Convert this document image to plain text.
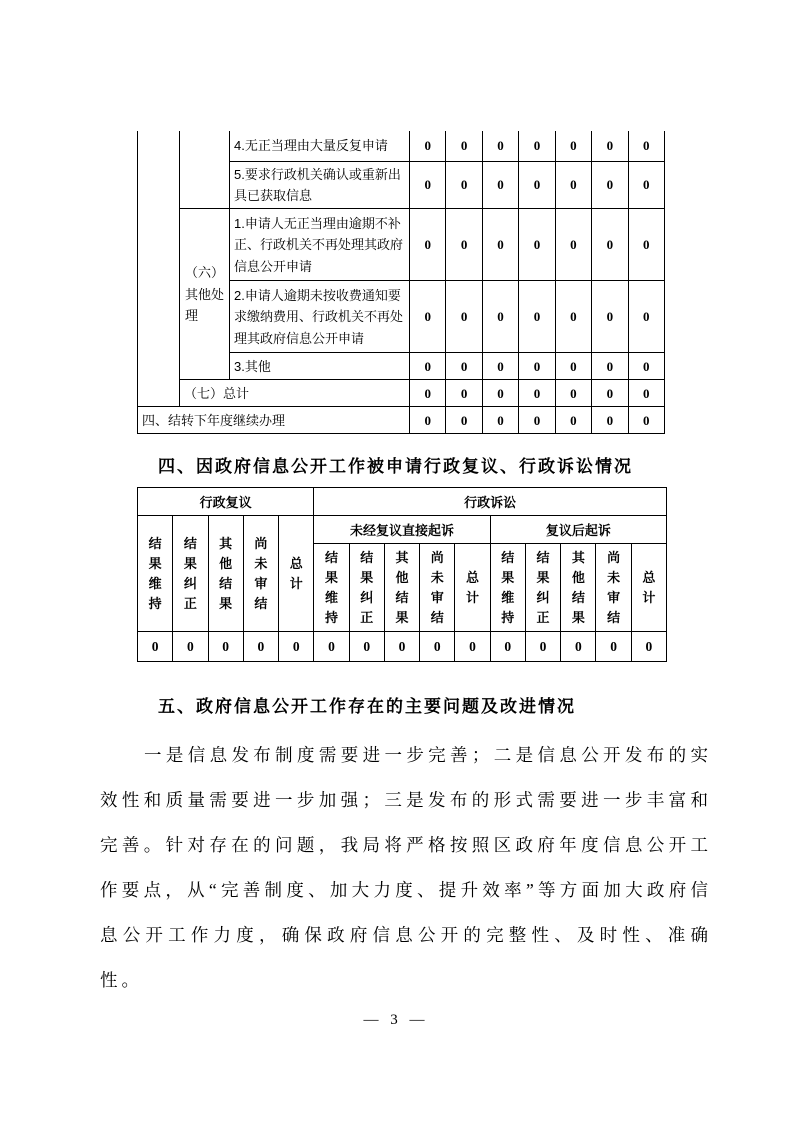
		4.无正当理由大量反复申请	0	0	0	0	0	0	0
		5.要求行政机关确认或重新出具已获取信息	0	0	0	0	0	0	0
	（六）其他处理	1.申请人无正当理由逾期不补正、行政机关不再处理其政府信息公开申请	0	0	0	0	0	0	0
		2.申请人逾期未按收费通知要求缴纳费用、行政机关不再处理其政府信息公开申请	0	0	0	0	0	0	0
		3.其他	0	0	0	0	0	0	0
	（七）总计		0	0	0	0	0	0	0
四、结转下年度继续办理			0	0	0	0	0	0	0
四、因政府信息公开工作被申请行政复议、行政诉讼情况
行政复议					行政诉讼									
结果维持	结果纠正	其他结果	尚未审结	总计	未经复议直接起诉					复议后起诉				
					结果维持	结果纠正	其他结果	尚未审结	总计	结果维持	结果纠正	其他结果	尚未审结	总计
0	0	0	0	0	0	0	0	0	0	0	0	0	0	0
五、政府信息公开工作存在的主要问题及改进情况

一是信息发布制度需要进一步完善；二是信息公开发布的实效性和质量需要进一步加强；三是发布的形式需要进一步丰富和完善。针对存在的问题，我局将严格按照区政府年度信息公开工作要点，从“完善制度、加大力度、提升效率”等方面加大政府信息公开工作力度，确保政府信息公开的完整性、及时性、准确性。

— 3 —
